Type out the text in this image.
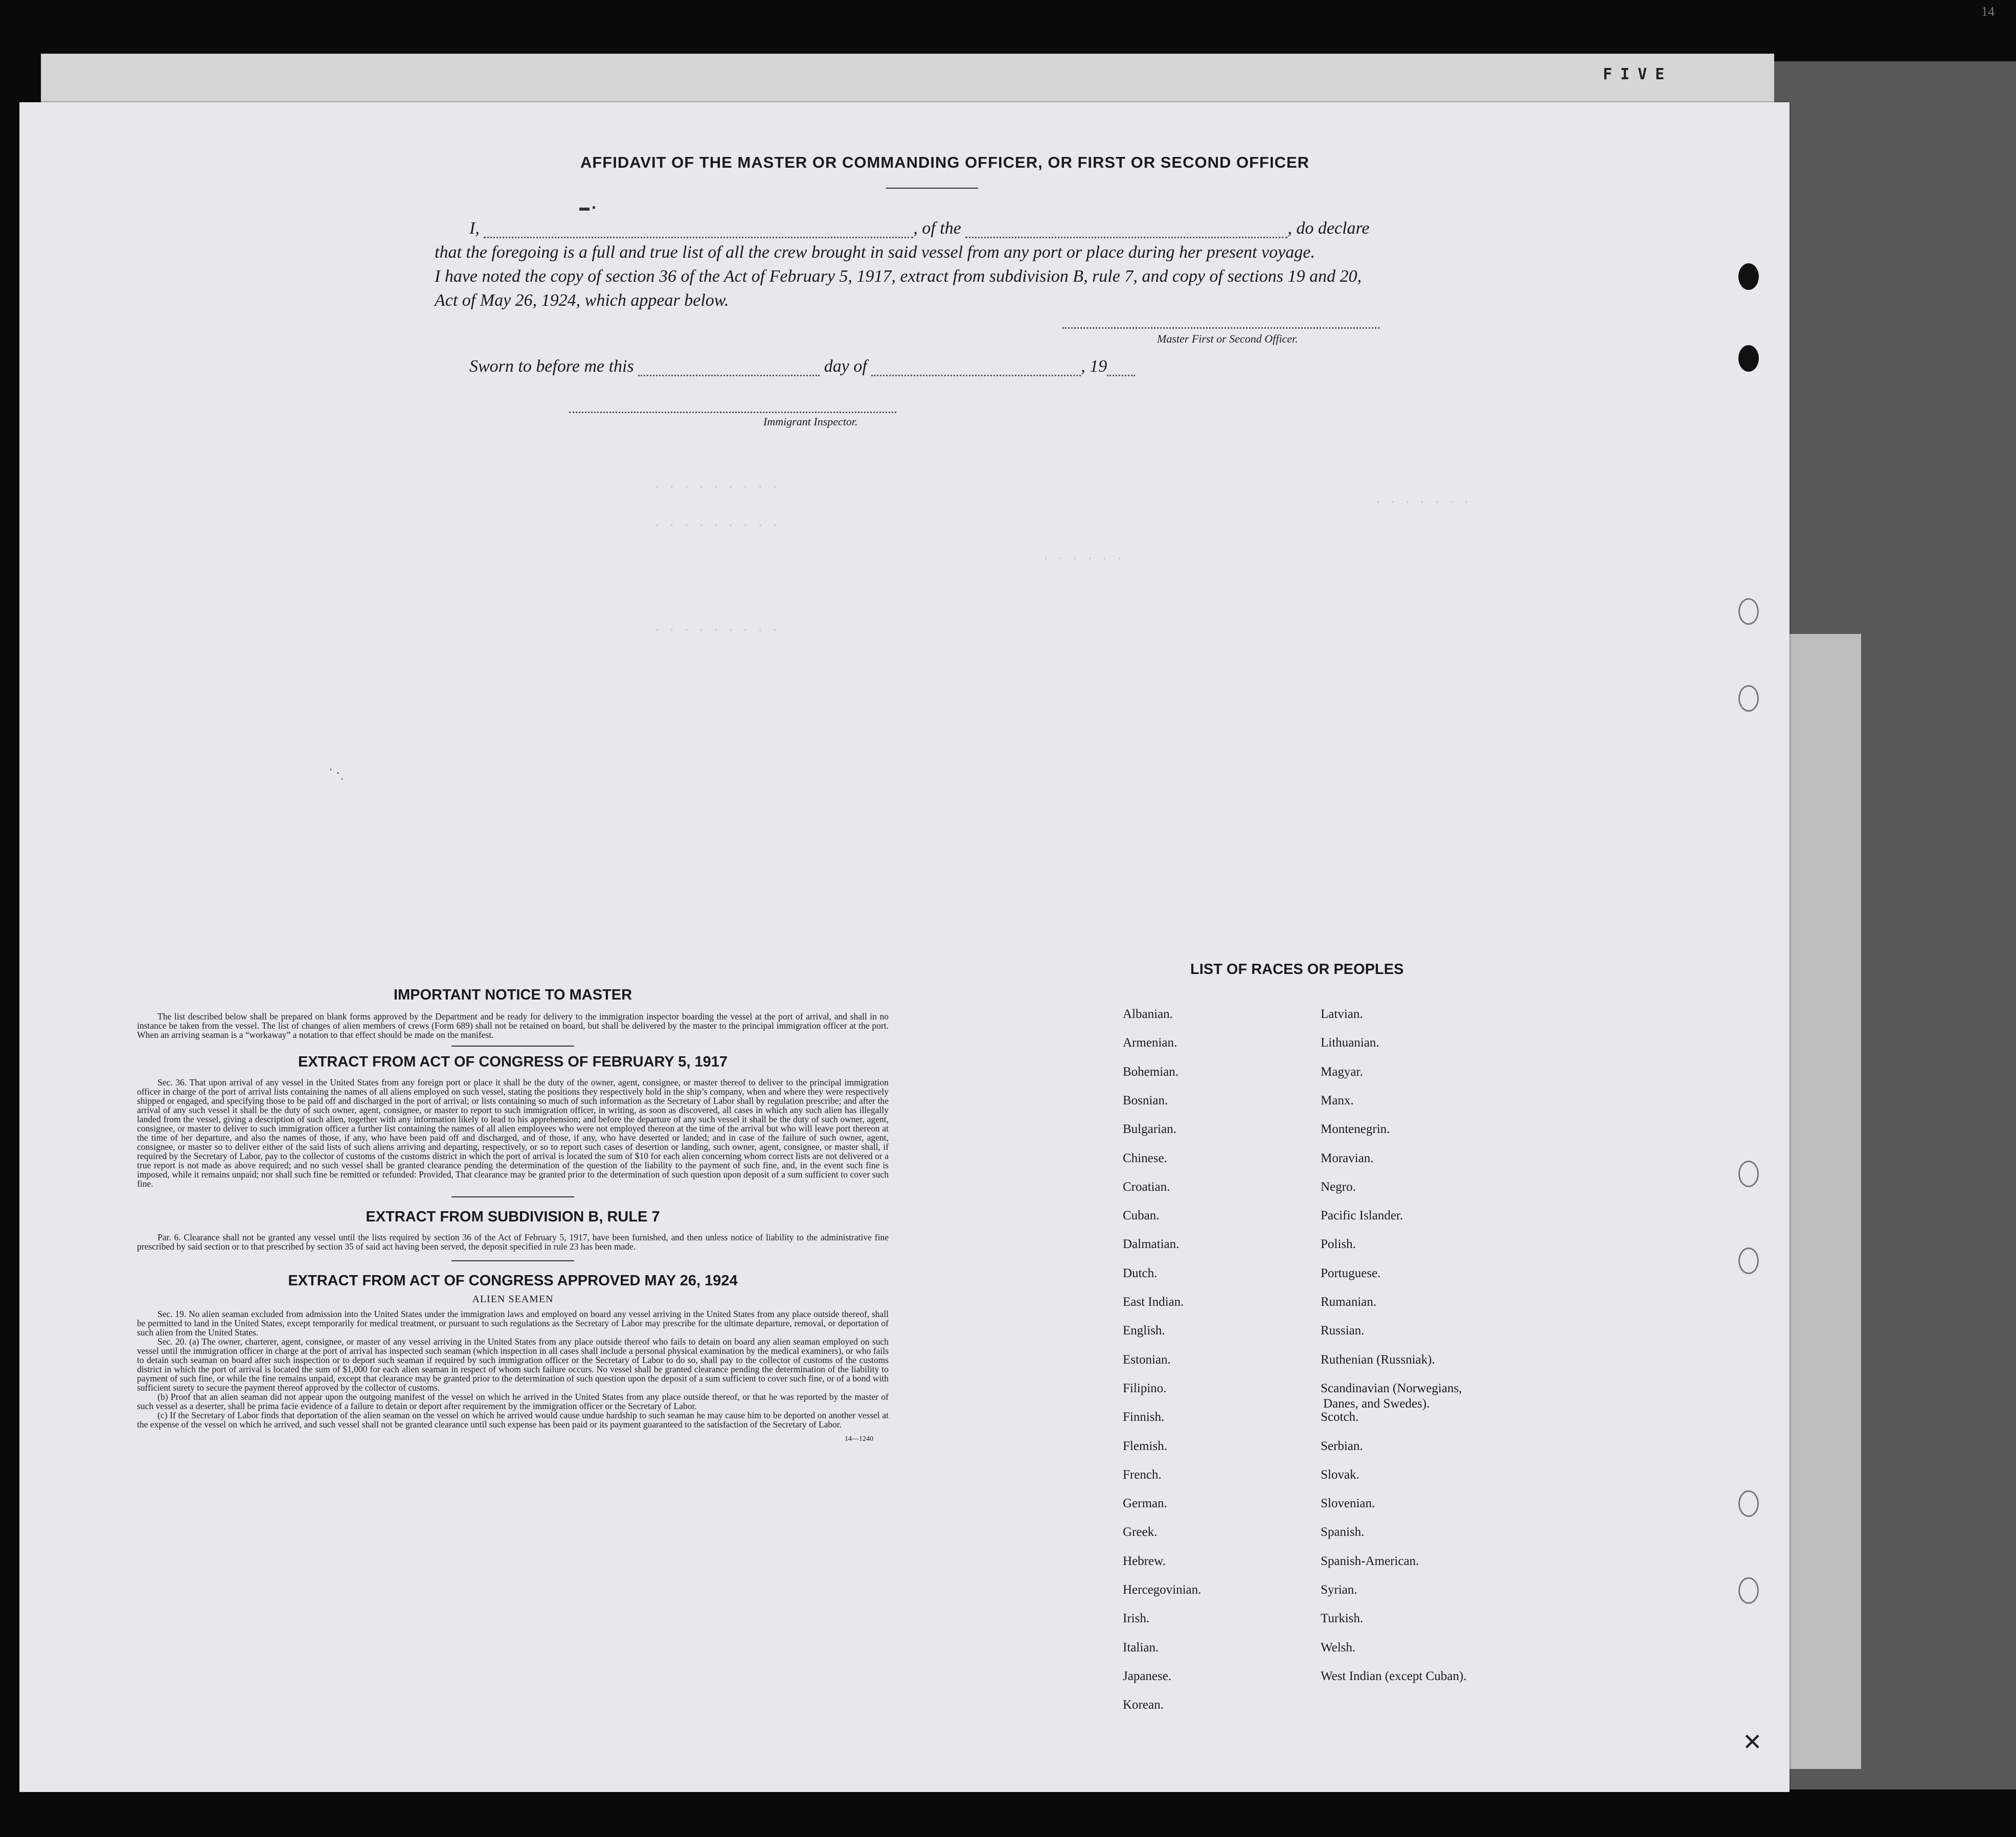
FIVE
14
AFFIDAVIT OF THE MASTER OR COMMANDING OFFICER, OR FIRST OR SECOND OFFICER
I,	, of the	, do declare
that the foregoing is a full and true list of all the crew brought in said vessel from any port or place during her present voyage.
I have noted the copy of section 36 of the Act of February 5, 1917, extract from subdivision B, rule 7, and copy of sections 19 and 20,
Act of May 26, 1924, which appear below.
Master First or Second Officer.
Sworn to before me this	day of	, 19
Immigrant Inspector.
· · · · · · · · ·
· · · · · · · · ·
· · · · · · · · ·
· · · · · ·
· · · · · · ·
▬ ▪
ˈ ·ˌ
✕
IMPORTANT NOTICE TO MASTER

The list described below shall be prepared on blank forms approved by the Department and be ready for delivery to the immigration inspector boarding the vessel at the port of arrival, and shall in no instance be taken from the vessel. The list of changes of alien members of crews (Form 689) shall not be retained on board, but shall be delivered by the master to the principal immigration officer at the port. When an arriving seaman is a “workaway” a notation to that effect should be made on the manifest.

EXTRACT FROM ACT OF CONGRESS OF FEBRUARY 5, 1917

Sec. 36. That upon arrival of any vessel in the United States from any foreign port or place it shall be the duty of the owner, agent, consignee, or master thereof to deliver to the principal immigration officer in charge of the port of arrival lists containing the names of all aliens employed on such vessel, stating the positions they respectively hold in the ship’s company, when and where they were respectively shipped or engaged, and specifying those to be paid off and discharged in the port of arrival; or lists containing so much of such information as the Secretary of Labor shall by regulation prescribe; and after the arrival of any such vessel it shall be the duty of such owner, agent, consignee, or master to report to such immigration officer, in writing, as soon as discovered, all cases in which any such alien has illegally landed from the vessel, giving a description of such alien, together with any information likely to lead to his apprehension; and before the departure of any such vessel it shall be the duty of such owner, agent, consignee, or master to deliver to such immigration officer a further list containing the names of all alien employees who were not employed thereon at the time of the arrival but who will leave port thereon at the time of her departure, and also the names of those, if any, who have been paid off and discharged, and of those, if any, who have deserted or landed; and in case of the failure of such owner, agent, consignee, or master so to deliver either of the said lists of such aliens arriving and departing, respectively, or so to report such cases of desertion or landing, such owner, agent, consignee, or master shall, if required by the Secretary of Labor, pay to the collector of customs of the customs district in which the port of arrival is located the sum of $10 for each alien concerning whom correct lists are not delivered or a true report is not made as above required; and no such vessel shall be granted clearance pending the determination of the question of the liability to the payment of such fine, and, in the event such fine is imposed, while it remains unpaid; nor shall such fine be remitted or refunded: Provided, That clearance may be granted prior to the determination of such question upon deposit of a sum sufficient to cover such fine.

EXTRACT FROM SUBDIVISION B, RULE 7

Par. 6. Clearance shall not be granted any vessel until the lists required by section 36 of the Act of February 5, 1917, have been furnished, and then unless notice of liability to the administrative fine prescribed by said section or to that prescribed by section 35 of said act having been served, the deposit specified in rule 23 has been made.

EXTRACT FROM ACT OF CONGRESS APPROVED MAY 26, 1924
ALIEN SEAMEN

Sec. 19. No alien seaman excluded from admission into the United States under the immigration laws and employed on board any vessel arriving in the United States from any place outside thereof, shall be permitted to land in the United States, except temporarily for medical treatment, or pursuant to such regulations as the Secretary of Labor may prescribe for the ultimate departure, removal, or deportation of such alien from the United States.

Sec. 20. (a) The owner, charterer, agent, consignee, or master of any vessel arriving in the United States from any place outside thereof who fails to detain on board any alien seaman employed on such vessel until the immigration officer in charge at the port of arrival has inspected such seaman (which inspection in all cases shall include a personal physical examination by the medical examiners), or who fails to detain such seaman on board after such inspection or to deport such seaman if required by such immigration officer or the Secretary of Labor to do so, shall pay to the collector of customs of the customs district in which the port of arrival is located the sum of $1,000 for each alien seaman in respect of whom such failure occurs. No vessel shall be granted clearance pending the determination of the liability to payment of such fine, or while the fine remains unpaid, except that clearance may be granted prior to the determination of such question upon the deposit of a sum sufficient to cover such fine, or of a bond with sufficient surety to secure the payment thereof approved by the collector of customs.

(b) Proof that an alien seaman did not appear upon the outgoing manifest of the vessel on which he arrived in the United States from any place outside thereof, or that he was reported by the master of such vessel as a deserter, shall be prima facie evidence of a failure to detain or deport after requirement by the immigration officer or the Secretary of Labor.

(c) If the Secretary of Labor finds that deportation of the alien seaman on the vessel on which he arrived would cause undue hardship to such seaman he may cause him to be deported on another vessel at the expense of the vessel on which he arrived, and such vessel shall not be granted clearance until such expense has been paid or its payment guaranteed to the satisfaction of the Secretary of Labor.

14—1240
LIST OF RACES OR PEOPLES
Albanian.
Armenian.
Bohemian.
Bosnian.
Bulgarian.
Chinese.
Croatian.
Cuban.
Dalmatian.
Dutch.
East Indian.
English.
Estonian.
Filipino.
Finnish.
Flemish.
French.
German.
Greek.
Hebrew.
Hercegovinian.
Irish.
Italian.
Japanese.
Korean.
Latvian.
Lithuanian.
Magyar.
Manx.
Montenegrin.
Moravian.
Negro.
Pacific Islander.
Polish.
Portuguese.
Rumanian.
Russian.
Ruthenian (Russniak).
Scandinavian (Norwegians,
Danes, and Swedes).
Scotch.
Serbian.
Slovak.
Slovenian.
Spanish.
Spanish-American.
Syrian.
Turkish.
Welsh.
West Indian (except Cuban).
